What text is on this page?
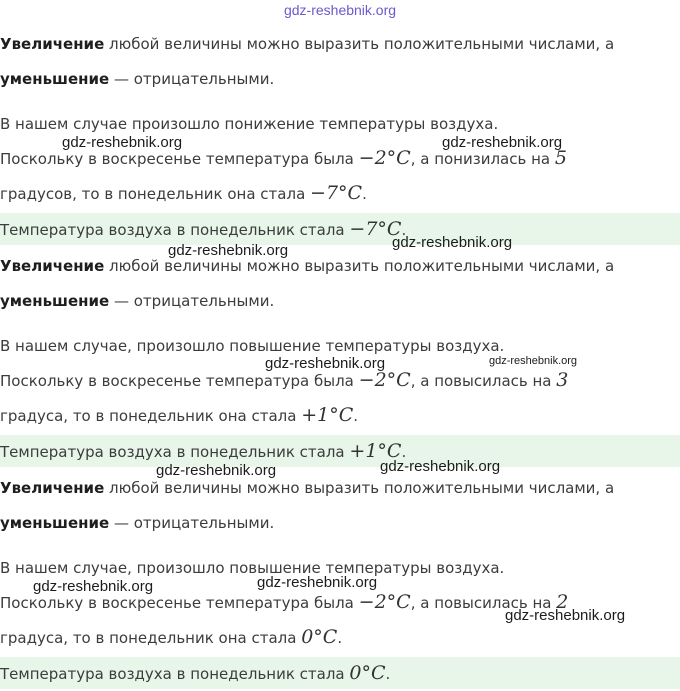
gdz-reshebnik.org
Увеличение любой величины можно выразить положительными числами, а
уменьшение — отрицательными.
В нашем случае произошло понижение температуры воздуха.
Поскольку в воскресенье температура была −2°C, а понизилась на 5
градусов, то в понедельник она стала −7°C.
Температура воздуха в понедельник стала −7°C.
Увеличение любой величины можно выразить положительными числами, а
уменьшение — отрицательными.
В нашем случае, произошло повышение температуры воздуха.
Поскольку в воскресенье температура была −2°C, а повысилась на 3
градуса, то в понедельник она стала +1°C.
Температура воздуха в понедельник стала +1°C.
Увеличение любой величины можно выразить положительными числами, а
уменьшение — отрицательными.
В нашем случае, произошло повышение температуры воздуха.
Поскольку в воскресенье температура была −2°C, а повысилась на 2
градуса, то в понедельник она стала 0°C.
Температура воздуха в понедельник стала 0°C.
gdz-reshebnik.org	gdz-reshebnik.org
gdz-reshebnik.org	gdz-reshebnik.org
gdz-reshebnik.org	gdz-reshebnik.org
gdz-reshebnik.org	gdz-reshebnik.org
gdz-reshebnik.org	gdz-reshebnik.org
gdz-reshebnik.org
